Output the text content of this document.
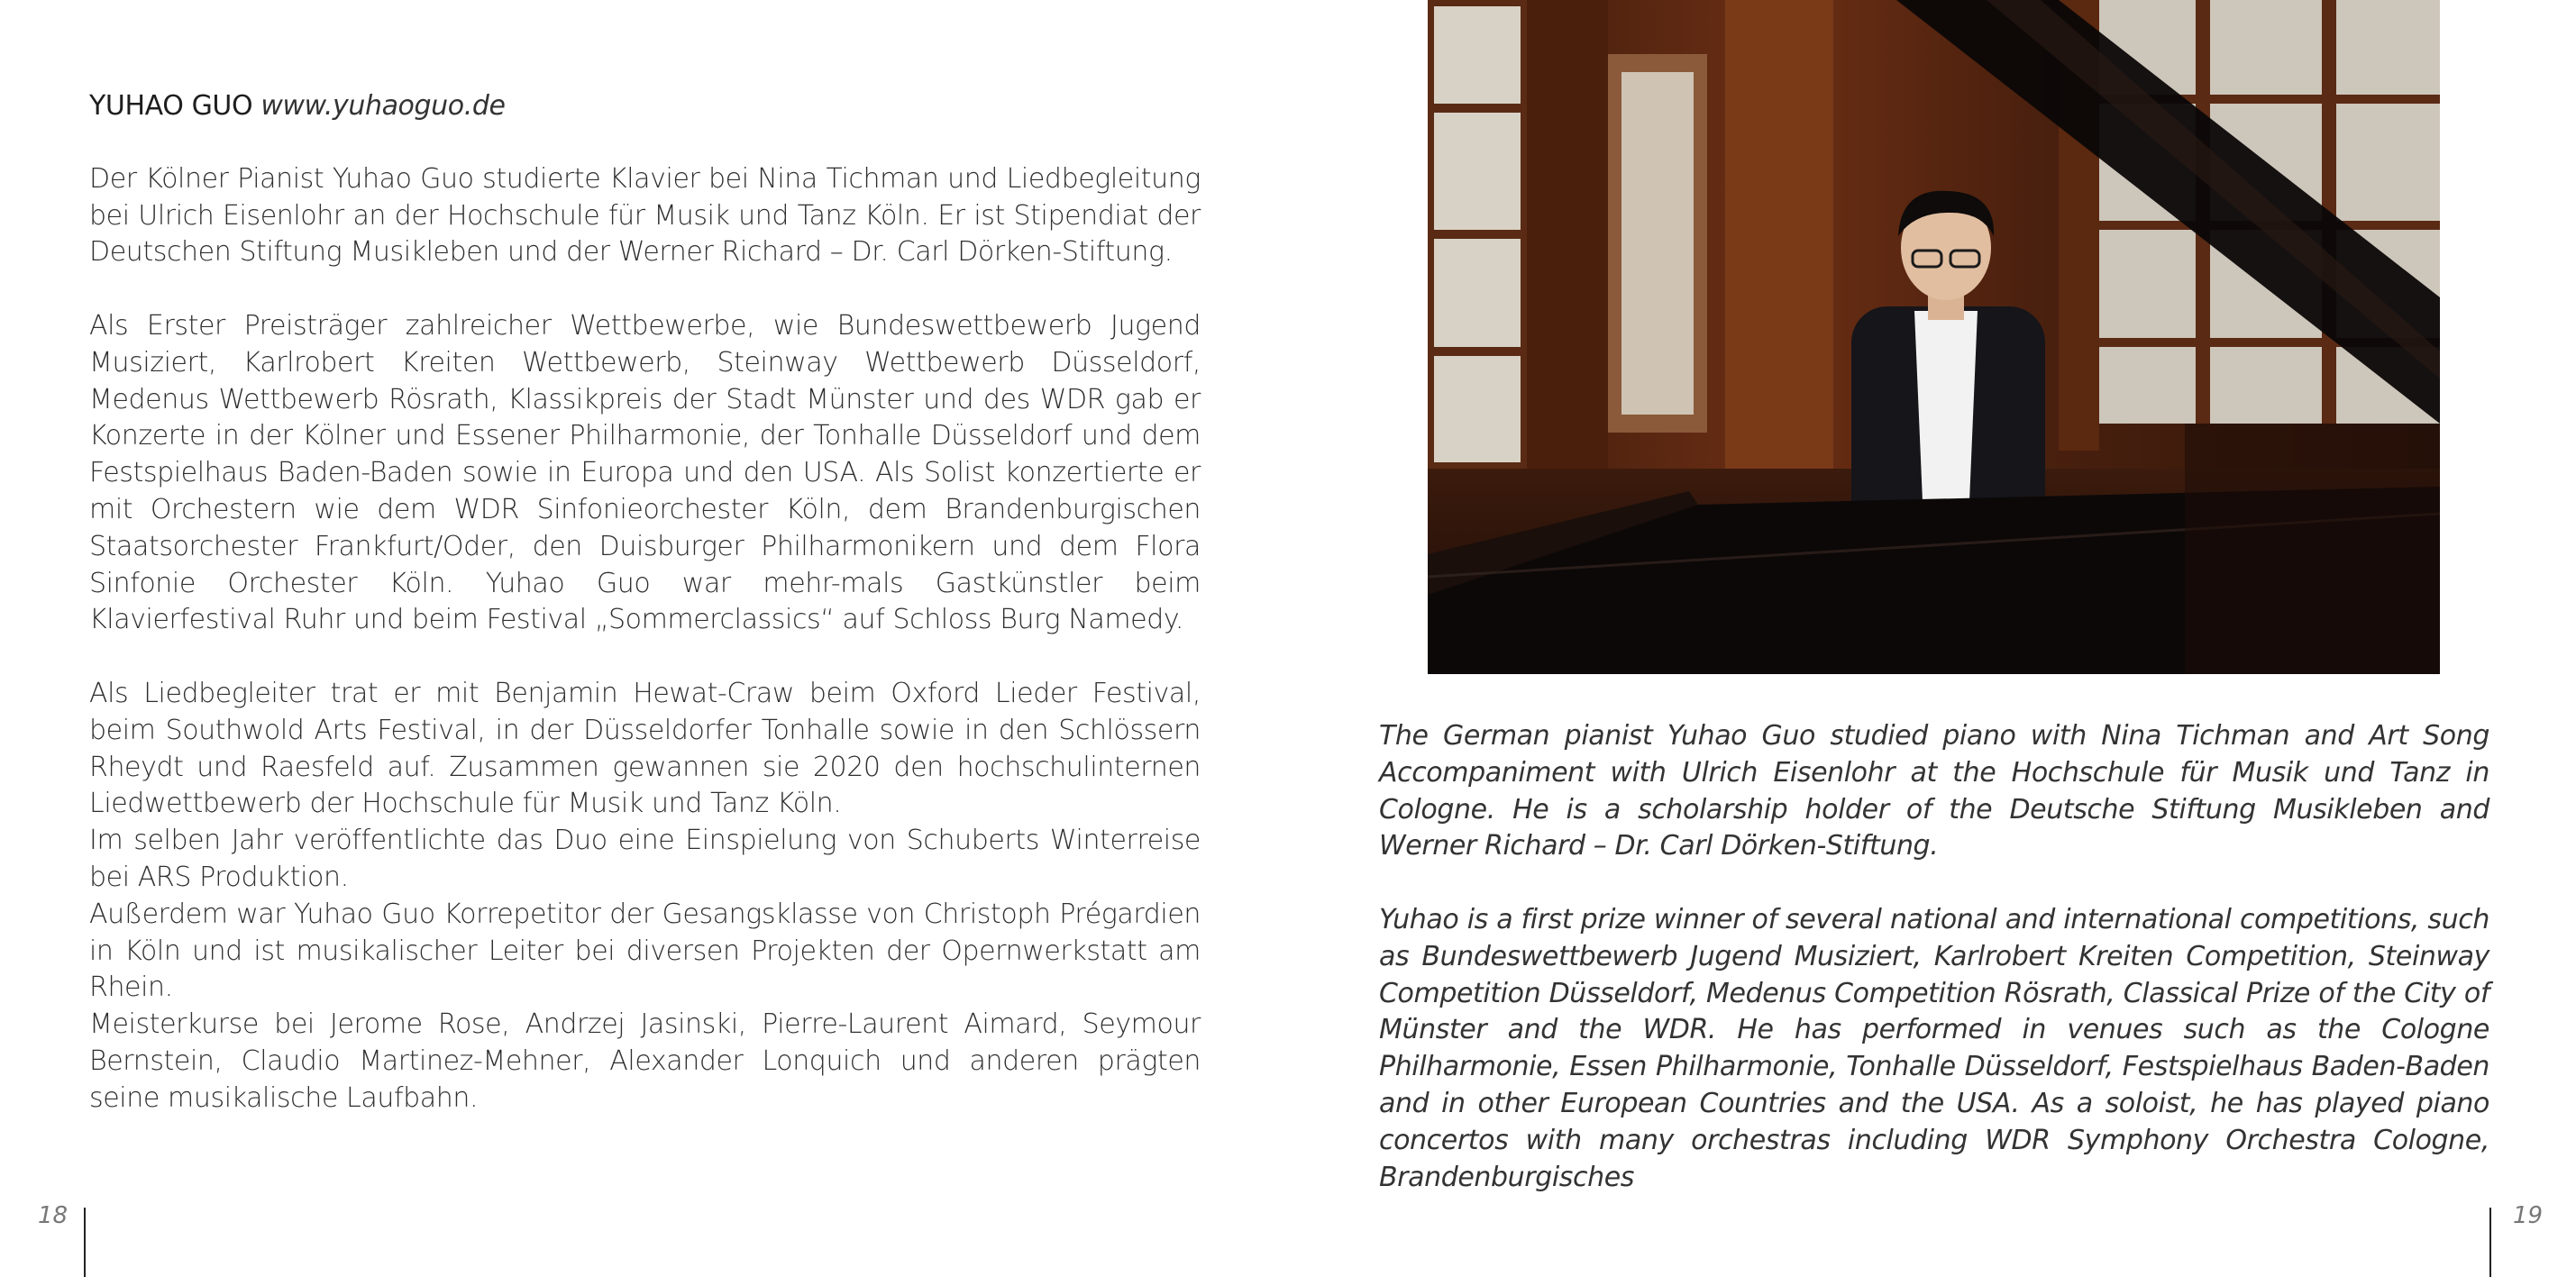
YUHAO GUO www.yuhaoguo.de

Der Kölner Pianist Yuhao Guo studierte Klavier bei Nina Tichman und Liedbegleitung bei Ulrich Eisenlohr an der Hochschule für Musik und Tanz Köln. Er ist Stipendiat der Deutschen Stiftung Musikleben und der Werner Richard – Dr. Carl Dörken-Stiftung.

Als Erster Preisträger zahlreicher Wettbewerbe, wie Bundeswettbewerb Jugend Musiziert, Karlrobert Kreiten Wettbewerb, Steinway Wettbewerb Düsseldorf, Medenus Wettbewerb Rösrath, Klassikpreis der Stadt Münster und des WDR gab er Konzerte in der Kölner und Essener Philharmonie, der Tonhalle Düsseldorf und dem Festspielhaus Baden-Baden sowie in Europa und den USA. Als Solist konzertierte er mit Orchestern wie dem WDR Sinfonieorchester Köln, dem Brandenburgischen Staatsorchester Frankfurt/Oder, den Duisburger Philharmonikern und dem Flora Sinfonie Orchester Köln. Yuhao Guo war mehr-mals Gastkünstler beim Klavierfestival Ruhr und beim Festival „Sommerclassics“ auf Schloss Burg Namedy.

Als Liedbegleiter trat er mit Benjamin Hewat-Craw beim Oxford Lieder Festival, beim Southwold Arts Festival, in der Düsseldorfer Tonhalle sowie in den Schlössern Rheydt und Raesfeld auf. Zusammen gewannen sie 2020 den hochschulinternen Liedwettbewerb der Hochschule für Musik und Tanz Köln.

Im selben Jahr veröffentlichte das Duo eine Einspielung von Schuberts Winterreise bei ARS Produktion.

Außerdem war Yuhao Guo Korrepetitor der Gesangsklasse von Christoph Prégardien in Köln und ist musikalischer Leiter bei diversen Projekten der Opernwerkstatt am Rhein.

Meisterkurse bei Jerome Rose, Andrzej Jasinski, Pierre-Laurent Aimard, Seymour Bernstein, Claudio Martinez-Mehner, Alexander Lonquich und anderen prägten seine musikalische Laufbahn.

18

The German pianist Yuhao Guo studied piano with Nina Tichman and Art Song Accompaniment with Ulrich Eisenlohr at the Hochschule für Musik und Tanz in Cologne. He is a scholarship holder of the Deutsche Stiftung Musikleben and Werner Richard – Dr. Carl Dörken-Stiftung.

Yuhao is a first prize winner of several national and international competitions, such as Bundeswettbewerb Jugend Musiziert, Karlrobert Kreiten Competition, Steinway Competition Düsseldorf, Medenus Competition Rösrath, Classical Prize of the City of Münster and the WDR. He has performed in venues such as the Cologne Philharmonie, Essen Philharmonie, Tonhalle Düsseldorf, Festspielhaus Baden-Baden and in other European Countries and the USA. As a soloist, he has played piano concertos with many orchestras including WDR Symphony Orchestra Cologne, Brandenburgisches

19
